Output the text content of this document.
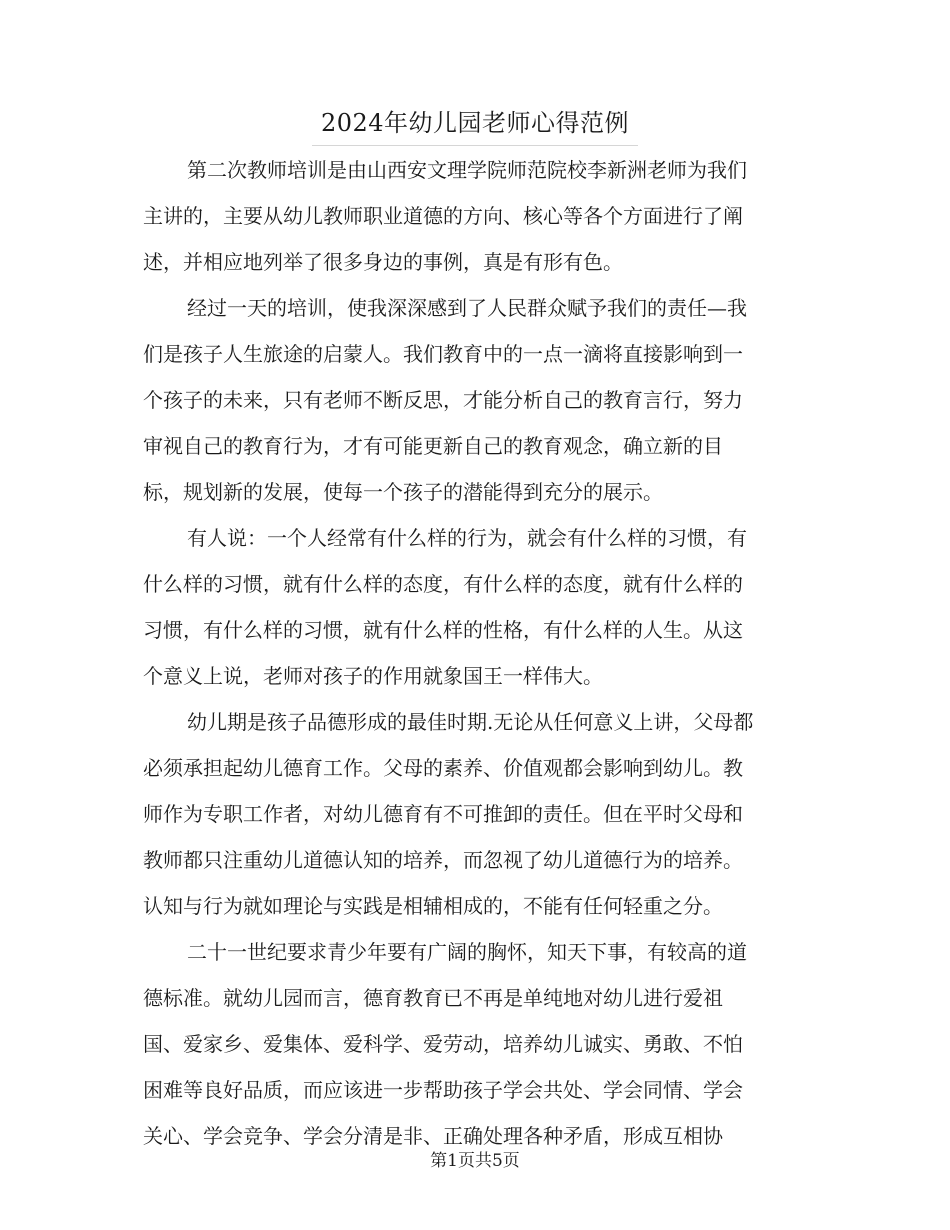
2024年幼儿园老师心得范例

第二次教师培训是由山西安文理学院师范院校李新洲老师为我们
主讲的，主要从幼儿教师职业道德的方向、核心等各个方面进行了阐
述，并相应地列举了很多身边的事例，真是有形有色。

经过一天的培训，使我深深感到了人民群众赋予我们的责任—我
们是孩子人生旅途的启蒙人。我们教育中的一点一滴将直接影响到一
个孩子的未来，只有老师不断反思，才能分析自己的教育言行，努力
审视自己的教育行为，才有可能更新自己的教育观念，确立新的目
标，规划新的发展，使每一个孩子的潜能得到充分的展示。

有人说：一个人经常有什么样的行为，就会有什么样的习惯，有
什么样的习惯，就有什么样的态度，有什么样的态度，就有什么样的
习惯，有什么样的习惯，就有什么样的性格，有什么样的人生。从这
个意义上说，老师对孩子的作用就象国王一样伟大。

幼儿期是孩子品德形成的最佳时期.无论从任何意义上讲，父母都
必须承担起幼儿德育工作。父母的素养、价值观都会影响到幼儿。教
师作为专职工作者，对幼儿德育有不可推卸的责任。但在平时父母和
教师都只注重幼儿道德认知的培养，而忽视了幼儿道德行为的培养。
认知与行为就如理论与实践是相辅相成的，不能有任何轻重之分。

二十一世纪要求青少年要有广阔的胸怀，知天下事，有较高的道
德标准。就幼儿园而言，德育教育已不再是单纯地对幼儿进行爱祖
国、爱家乡、爱集体、爱科学、爱劳动，培养幼儿诚实、勇敢、不怕
困难等良好品质，而应该进一步帮助孩子学会共处、学会同情、学会
关心、学会竞争、学会分清是非、正确处理各种矛盾，形成互相协

第1页共5页
